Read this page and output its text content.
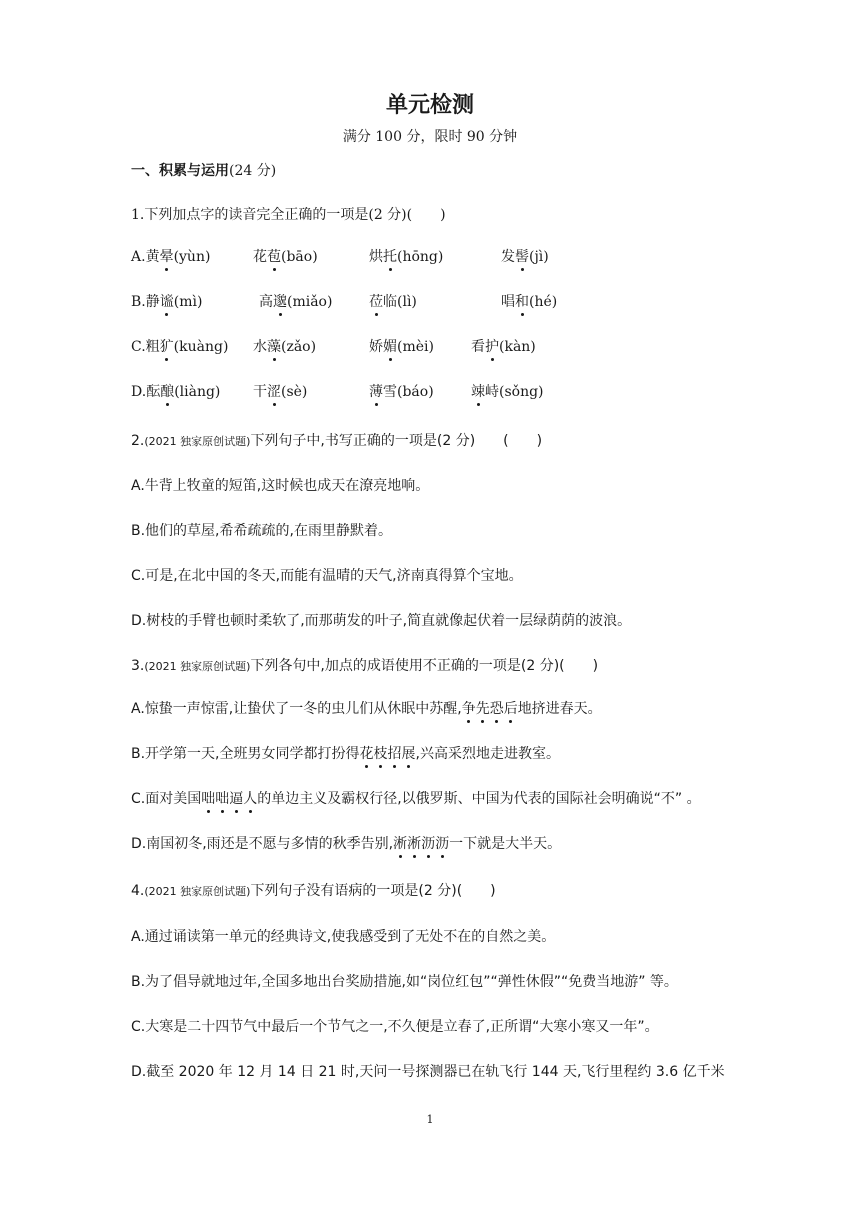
单元检测
满分 100 分，限时 90 分钟
一、积累与运用(24 分)
1.下列加点字的读音完全正确的一项是(2 分)(　　)
A.黄晕(yùn)	花苞(bāo)	烘托(hōng)	发髻(jì)
B.静谧(mì)	高邈(miǎo)	莅临(lì)	唱和(hé)
C.粗犷(kuàng) 水藻(zǎo)	娇媚(mèi)	看护(kàn)
D.酝酿(liàng) 干涩(sè)	薄雪(báo)	竦峙(sǒng)
2.(2021 独家原创试题)下列句子中,书写正确的一项是(2 分)　　(　　)
A.牛背上牧童的短笛,这时候也成天在潦亮地响。
B.他们的草屋,希希疏疏的,在雨里静默着。
C.可是,在北中国的冬天,而能有温晴的天气,济南真得算个宝地。
D.树枝的手臂也顿时柔软了,而那萌发的叶子,简直就像起伏着一层绿荫荫的波浪。
3.(2021 独家原创试题)下列各句中,加点的成语使用不正确的一项是(2 分)(　　)
A.惊蛰一声惊雷,让蛰伏了一冬的虫儿们从休眠中苏醒,争先恐后地挤进春天。
B.开学第一天,全班男女同学都打扮得花枝招展,兴高采烈地走进教室。
C.面对美国咄咄逼人的单边主义及霸权行径,以俄罗斯、中国为代表的国际社会明确说“不” 。
D.南国初冬,雨还是不愿与多情的秋季告别,淅淅沥沥一下就是大半天。
4.(2021 独家原创试题)下列句子没有语病的一项是(2 分)(　　)
A.通过诵读第一单元的经典诗文,使我感受到了无处不在的自然之美。
B.为了倡导就地过年,全国多地出台奖励措施,如“岗位红包”“弹性休假”“免费当地游” 等。
C.大寒是二十四节气中最后一个节气之一,不久便是立春了,正所谓“大寒小寒又一年”。
D.截至 2020 年 12 月 14 日 21 时,天问一号探测器已在轨飞行 144 天,飞行里程约 3.6 亿千米
1
